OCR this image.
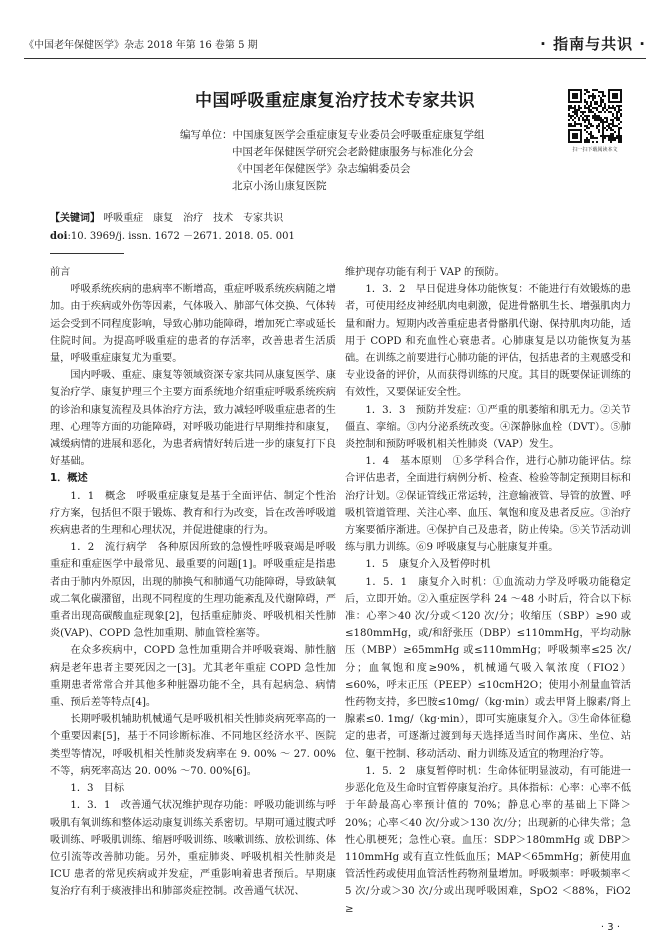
《中国老年保健医学》杂志 2018 年第 16 卷第 5 期	· 指南与共识 ·
中国呼吸重症康复治疗技术专家共识
扫一扫下载阅读本文
编写单位：中国康复医学会重症康复专业委员会呼吸重症康复学组
中国老年保健医学研究会老龄健康服务与标准化分会
《中国老年保健医学》杂志编辑委员会
北京小汤山康复医院
【关键词】 呼吸重症　康复　治疗　技术　专家共识
doi:10. 3969/j. issn. 1672 －2671. 2018. 05. 001

前言

呼吸系统疾病的患病率不断增高，重症呼吸系统疾病随之增加。由于疾病或外伤等因素，气体吸入、肺部气体交换、气体转运会受到不同程度影响，导致心肺功能障碍，增加死亡率或延长住院时间。为提高呼吸重症的患者的存活率，改善患者生活质量，呼吸重症康复尤为重要。

国内呼吸、重症、康复等领域资深专家共同从康复医学、康复治疗学、康复护理三个主要方面系统地介绍重症呼吸系统疾病的诊治和康复流程及具体治疗方法，致力减轻呼吸重症患者的生理、心理等方面的功能障碍，对呼吸功能进行早期维持和康复，减缓病情的进展和恶化，为患者病情好转后进一步的康复打下良好基础。

1．概述

1．1　概念　呼吸重症康复是基于全面评估、制定个性治疗方案，包括但不限于锻炼、教育和行为改变，旨在改善呼吸道疾病患者的生理和心理状况，并促进健康的行为。

1．2　流行病学　各种原因所致的急慢性呼吸衰竭是呼吸重症和重症医学中最常见、最重要的问题[1]。呼吸重症是指患者由于肺内外原因，出现的肺换气和肺通气功能障碍，导致缺氧或二氧化碳潴留，出现不同程度的生理功能紊乱及代谢障碍，严重者出现高碳酸血症现象[2]，包括重症肺炎、呼吸机相关性肺炎(VAP)、COPD 急性加重期、肺血管栓塞等。

在众多疾病中，COPD 急性加重期合并呼吸衰竭、肺性脑病是老年患者主要死因之一[3]。尤其老年重症 COPD 急性加重期患者常常合并其他多种脏器功能不全，具有起病急、病情重、预后差等特点[4]。

长期呼吸机辅助机械通气是呼吸机相关性肺炎病死率高的一个重要因素[5]，基于不同诊断标准、不同地区经济水平、医院类型等情况，呼吸机相关性肺炎发病率在 9. 00% ～ 27. 00%不等，病死率高达 20. 00% ～70. 00%[6]。

1．3　目标

1．3．1　改善通气状况维护现存功能：呼吸功能训练与呼吸肌有氧训练和整体运动康复训练关系密切。早期可通过腹式呼吸训练、呼吸肌训练、缩唇呼吸训练、咳嗽训练、放松训练、体位引流等改善肺功能。另外，重症肺炎、呼吸机相关性肺炎是 ICU 患者的常见疾病或并发症，严重影响着患者预后。早期康复治疗有利于痰液排出和肺部炎症控制。改善通气状况、

维护现存功能有利于 VAP 的预防。

1．3．2　早日促进身体功能恢复：不能进行有效锻炼的患者，可使用经皮神经肌肉电刺激，促进骨骼肌生长、增强肌肉力量和耐力。短期内改善重症患者骨骼肌代谢、保持肌肉功能，适用于 COPD 和充血性心衰患者。心肺康复是以功能恢复为基础。在训练之前要进行心肺功能的评估，包括患者的主观感受和专业设备的评价，从而获得训练的尺度。其目的既要保证训练的有效性，又要保证安全性。

1．3．3　预防并发症：①严重的肌萎缩和肌无力。②关节僵直、挛缩。③内分泌系统改变。④深静脉血栓（DVT）。⑤肺炎控制和预防呼吸机相关性肺炎（VAP）发生。

1．4　基本原则　①多学科合作，进行心肺功能评估。综合评估患者，全面进行病例分析、检查、检验等制定预期目标和治疗计划。②保证管线正常运转，注意输液管、导管的放置、呼吸机管道管理、关注心率、血压、氧饱和度及患者反应。③治疗方案要循序渐进。④保护自己及患者，防止传染。⑤关节活动训练与肌力训练。⑥9 呼吸康复与心脏康复并重。

1．5　康复介入及暂停时机

1．5．1　康复介入时机：①血流动力学及呼吸功能稳定后，立即开始。②入重症医学科 24 ～48 小时后，符合以下标准：心率＞40 次/分或＜120 次/分；收缩压（SBP）≥90 或≤180mmHg，或/和舒张压（DBP）≤110mmHg，平均动脉压（MBP）≥65mmHg 或≤110mmHg；呼吸频率≤25 次/分；血氧饱和度≥90%，机械通气吸入氧浓度（FIO2）≤60%，呼末正压（PEEP）≤10cmH2O；使用小剂量血管活性药物支持，多巴胺≤10mg/（kg·min）或去甲肾上腺素/肾上腺素≤0. 1mg/（kg·min），即可实施康复介入。③生命体征稳定的患者，可逐渐过渡到每天选择适当时间作离床、坐位、站位、躯干控制、移动活动、耐力训练及适宜的物理治疗等。

1．5．2　康复暂停时机：生命体征明显波动，有可能进一步恶化危及生命时宜暂停康复治疗。具体指标：心率：心率不低于年龄最高心率预计值的 70%；静息心率的基础上下降＞20%；心率＜40 次/分或＞130 次/分；出现新的心律失常；急性心肌梗死；急性心衰。血压：SDP＞180mmHg 或 DBP＞110mmHg 或有直立性低血压；MAP＜65mmHg；新使用血管活性药或使用血管活性药物剂量增加。呼吸频率：呼吸频率＜5 次/分或＞30 次/分或出现呼吸困难，SpO2 ＜88%，FiO2 ≥

· 3 ·
